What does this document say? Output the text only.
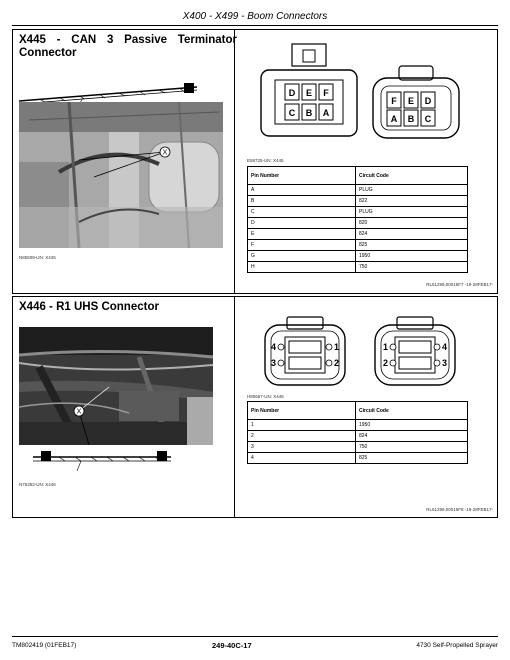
X400 - X499 - Boom Connectors
X445 - CAN 3 Passive Terminator Connector
X
N85509-UN: X445
D E F
C B A
F E D
A B C
E59725-UN: X445
Pin Number	Circuit Code
A	PLUG
B	822
C	PLUG
D	820
E	824
F	825
G	1950
H	750
RL51299,00015F7 -19-28FEB17-
X446 - R1 UHS Connector
X
N76352-UN: X446
4
3
1
2
1
2
4
3
H80667-UN: X446
Pin Number	Circuit Code
1	1950
2	824
3	750
4	825
RL51299,00015F8 -19-28FEB17-
TM802419 (01FEB17)	249-40C-17	4730 Self-Propelled Sprayer
